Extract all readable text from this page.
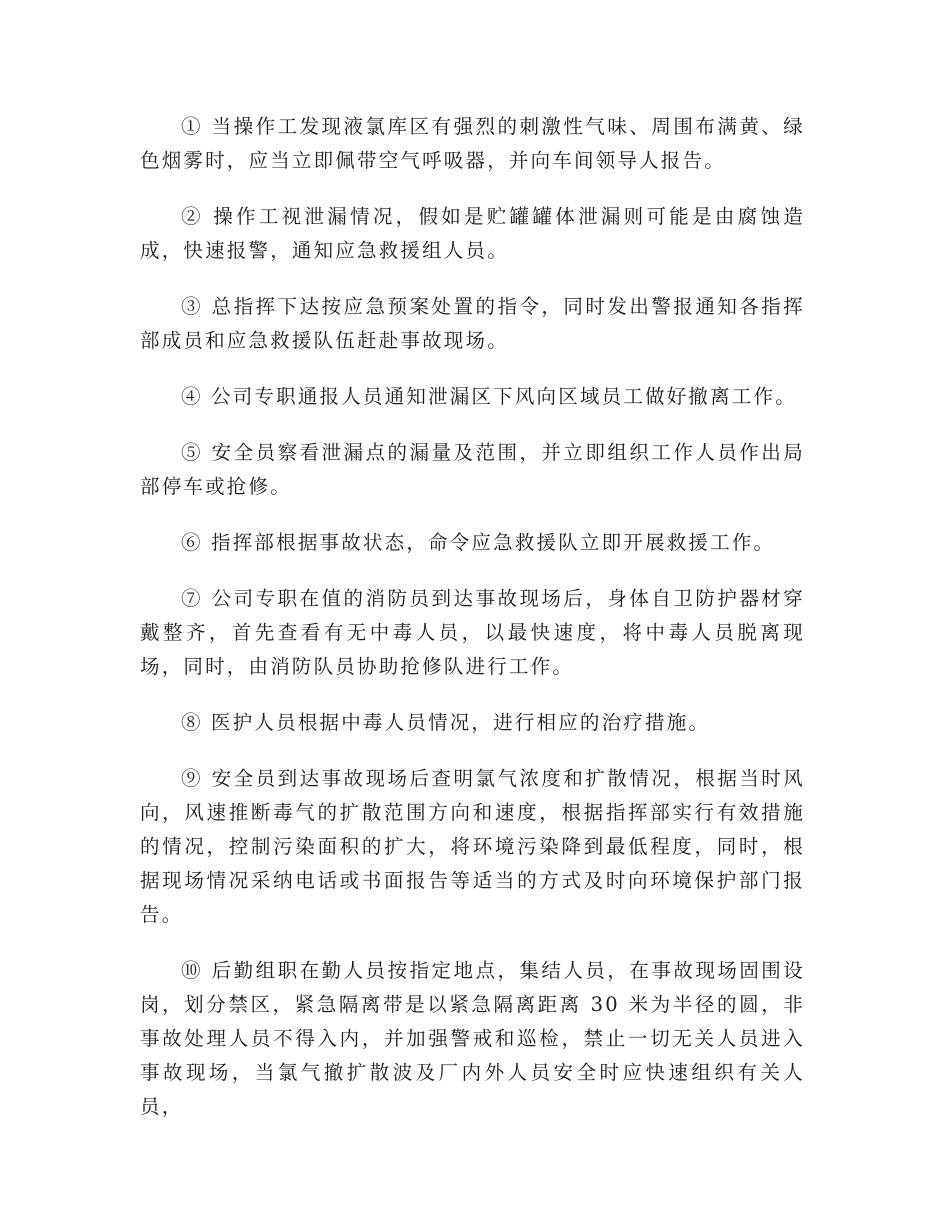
① 当操作工发现液氯库区有强烈的刺激性气味、周围布满黄、绿色烟雾时，应当立即佩带空气呼吸器，并向车间领导人报告。

② 操作工视泄漏情况，假如是贮罐罐体泄漏则可能是由腐蚀造成，快速报警，通知应急救援组人员。

③ 总指挥下达按应急预案处置的指令，同时发出警报通知各指挥部成员和应急救援队伍赶赴事故现场。

④ 公司专职通报人员通知泄漏区下风向区域员工做好撤离工作。

⑤ 安全员察看泄漏点的漏量及范围，并立即组织工作人员作出局部停车或抢修。

⑥ 指挥部根据事故状态，命令应急救援队立即开展救援工作。

⑦ 公司专职在值的消防员到达事故现场后，身体自卫防护器材穿戴整齐，首先查看有无中毒人员，以最快速度，将中毒人员脱离现场，同时，由消防队员协助抢修队进行工作。

⑧ 医护人员根据中毒人员情况，进行相应的治疗措施。

⑨ 安全员到达事故现场后查明氯气浓度和扩散情况，根据当时风向，风速推断毒气的扩散范围方向和速度，根据指挥部实行有效措施的情况，控制污染面积的扩大，将环境污染降到最低程度，同时，根据现场情况采纳电话或书面报告等适当的方式及时向环境保护部门报告。

⑩ 后勤组职在勤人员按指定地点，集结人员，在事故现场固围设岗，划分禁区，紧急隔离带是以紧急隔离距离 30 米为半径的圆，非事故处理人员不得入内，并加强警戒和巡检，禁止一切无关人员进入事故现场，当氯气撤扩散波及厂内外人员安全时应快速组织有关人员，
